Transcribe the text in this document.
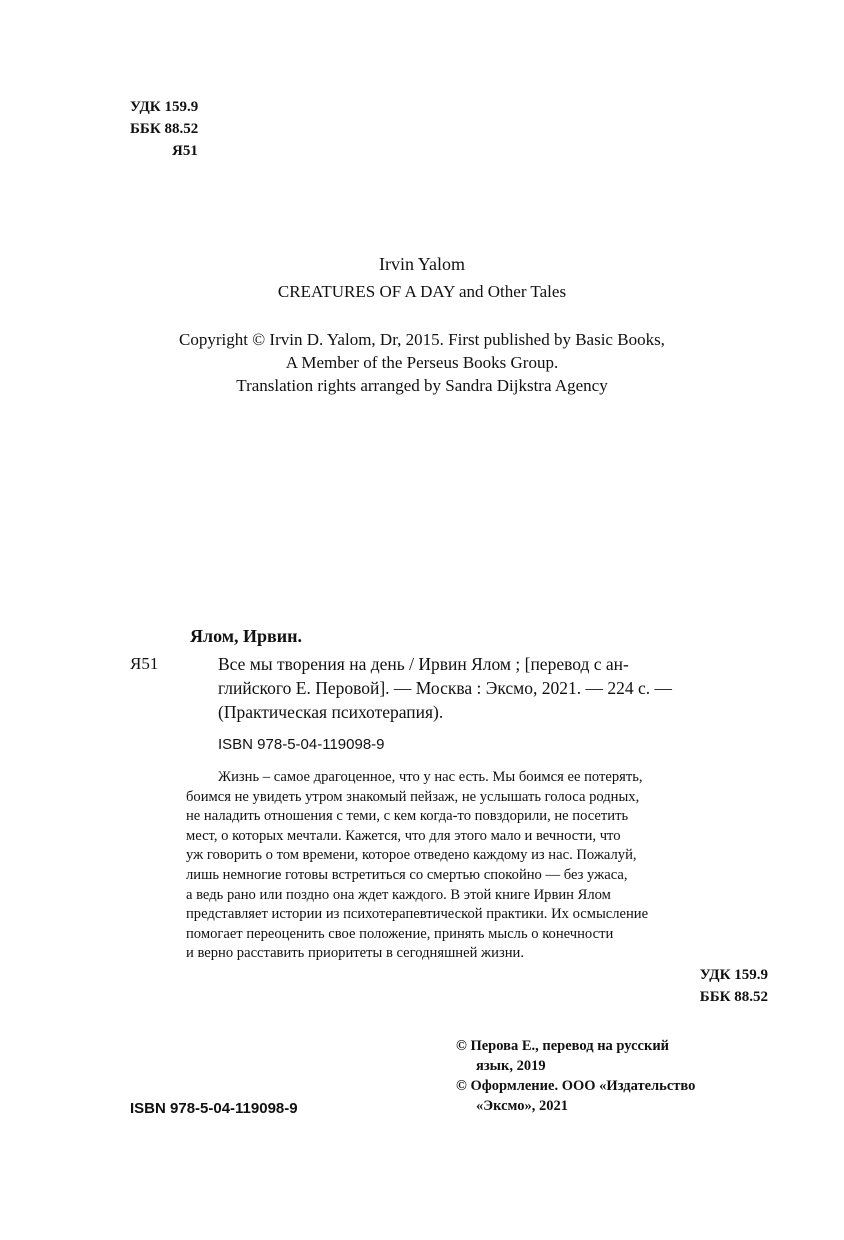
УДК 159.9
ББК 88.52
Я51
Irvin Yalom
CREATURES OF A DAY and Other Tales
Copyright © Irvin D. Yalom, Dr, 2015. First published by Basic Books,
A Member of the Perseus Books Group.
Translation rights arranged by Sandra Dijkstra Agency
Ялом, Ирвин.
Я51	Все мы творения на день / Ирвин Ялом ; [перевод с ан-
глийского Е. Перовой]. — Москва : Эксмо, 2021. — 224 с. —
(Практическая психотерапия).
ISBN 978-5-04-119098-9
Жизнь – самое драгоценное, что у нас есть. Мы боимся ее потерять,
боимся не увидеть утром знакомый пейзаж, не услышать голоса родных,
не наладить отношения с теми, с кем когда-то повздорили, не посетить
мест, о которых мечтали. Кажется, что для этого мало и вечности, что
уж говорить о том времени, которое отведено каждому из нас. Пожалуй,
лишь немногие готовы встретиться со смертью спокойно — без ужаса,
а ведь рано или поздно она ждет каждого. В этой книге Ирвин Ялом
представляет истории из психотерапевтической практики. Их осмысление
помогает переоценить свое положение, принять мысль о конечности
и верно расставить приоритеты в сегодняшней жизни.
УДК 159.9
ББК 88.52
© Перова Е., перевод на русский
язык, 2019
© Оформление. ООО «Издательство
«Эксмо», 2021
ISBN 978-5-04-119098-9
